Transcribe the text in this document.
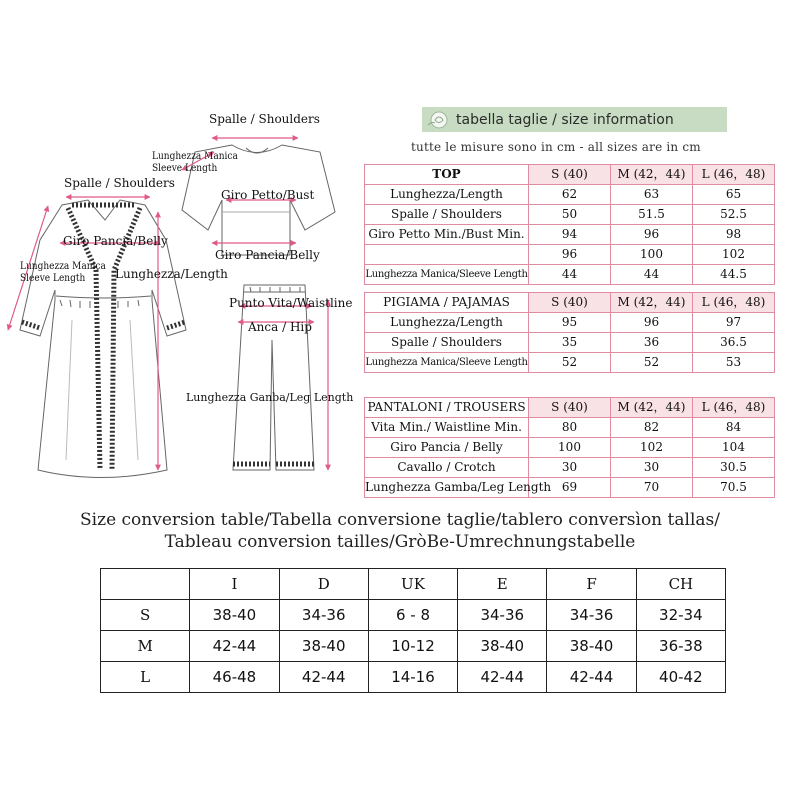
Spalle / Shoulders
Lunghezza Manica
Sleeve Length
Giro Petto/Bust
Giro Pancia/Belly
Spalle / Shoulders
Giro Pancia/Belly
Lunghezza Manica
Sleeve Length Lunghezza/Length
Punto Vita/Waistline
Anca / Hip
Lunghezza Ganba/Leg Length
tabella taglie / size information
tutte le misure sono in cm - all sizes are in cm
TOP	S (40)	M (42，44)	L (46，48)
Lunghezza/Length	62	63	65
Spalle / Shoulders	50	51.5	52.5
Giro Petto Min./Bust Min.	94	96	98
	96	100	102
Lunghezza Manica/Sleeve Length	44	44	44.5
PIGIAMA / PAJAMAS	S (40)	M (42，44)	L (46，48)
Lunghezza/Length	95	96	97
Spalle / Shoulders	35	36	36.5
Lunghezza Manica/Sleeve Length	52	52	53
PANTALONI / TROUSERS	S (40)	M (42，44)	L (46，48)
Vita Min./ Waistline Min.	80	82	84
Giro Pancia / Belly	100	102	104
Cavallo / Crotch	30	30	30.5
Lunghezza Gamba/Leg Length	69	70	70.5
Size conversion table/Tabella conversione taglie/tablero conversìon tallas/
Tableau conversion tailles/GròBe-Umrechnungstabelle
	I	D	UK	E	F	CH
S	38-40	34-36	6 - 8	34-36	34-36	32-34
M	42-44	38-40	10-12	38-40	38-40	36-38
L	46-48	42-44	14-16	42-44	42-44	40-42
